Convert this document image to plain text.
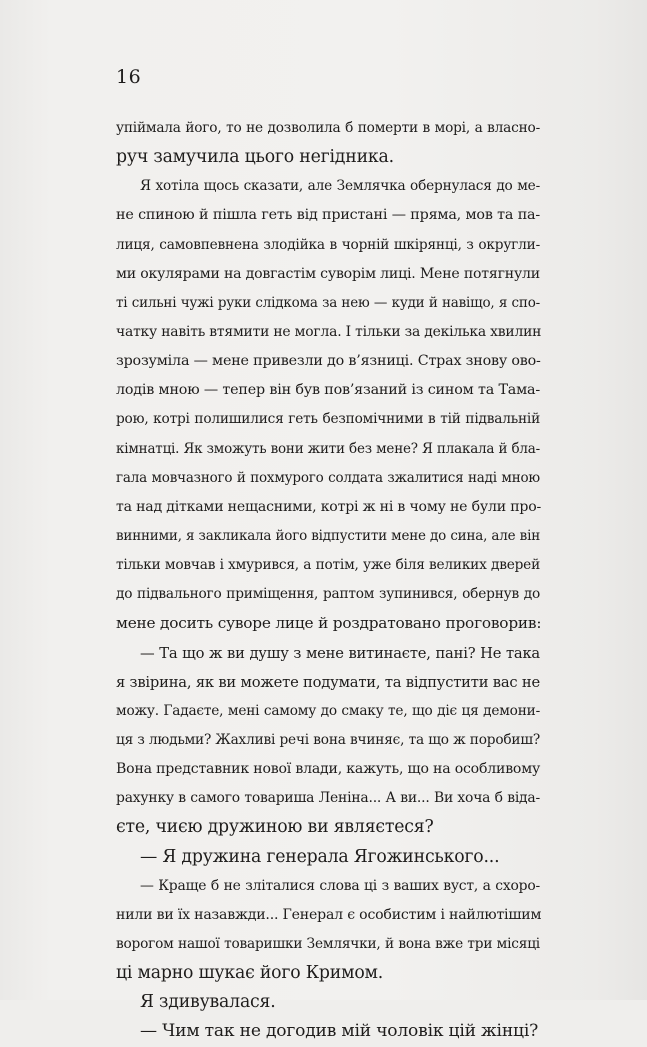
16
упіймала його, то не дозволила б померти в морі, а власно-
руч замучила цього негідника.
Я хотіла щось сказати, але Землячка обернулася до ме-
не спиною й пішла геть від пристані — пряма, мов та па-
лиця, самовпевнена злодійка в чорній шкірянці, з округли-
ми окулярами на довгастім суворім лиці. Мене потягнули
ті сильні чужі руки слідкома за нею — куди й навіщо, я спо-
чатку навіть втямити не могла. І тільки за декілька хвилин
зрозуміла — мене привезли до в’язниці. Страх знову ово-
лодів мною — тепер він був пов’язаний із сином та Тама-
рою, котрі полишилися геть безпомічними в тій підвальній
кімнатці. Як зможуть вони жити без мене? Я плакала й бла-
гала мовчазного й похмурого солдата зжалитися наді мною
та над дітками нещасними, котрі ж ні в чому не були про-
винними, я закликала його відпустити мене до сина, але він
тільки мовчав і хмурився, а потім, уже біля великих дверей
до підвального приміщення, раптом зупинився, обернув до
мене досить суворе лице й роздратовано проговорив:
— Та що ж ви душу з мене витинаєте, пані? Не така
я звірина, як ви можете подумати, та відпустити вас не
можу. Гадаєте, мені самому до смаку те, що діє ця демони-
ця з людьми? Жахливі речі вона вчиняє, та що ж поробиш?
Вона представник нової влади, кажуть, що на особливому
рахунку в самого товариша Леніна... А ви... Ви хоча б віда-
єте, чиєю дружиною ви являєтеся?
— Я дружина генерала Ягожинського...
— Краще б не зліталися слова ці з ваших вуст, а схоро-
нили ви їх назавжди... Генерал є особистим і найлютішим
ворогом нашої товаришки Землячки, й вона вже три місяці
ці марно шукає його Кримом.
Я здивувалася.
— Чим так не догодив мій чоловік цій жінці?
